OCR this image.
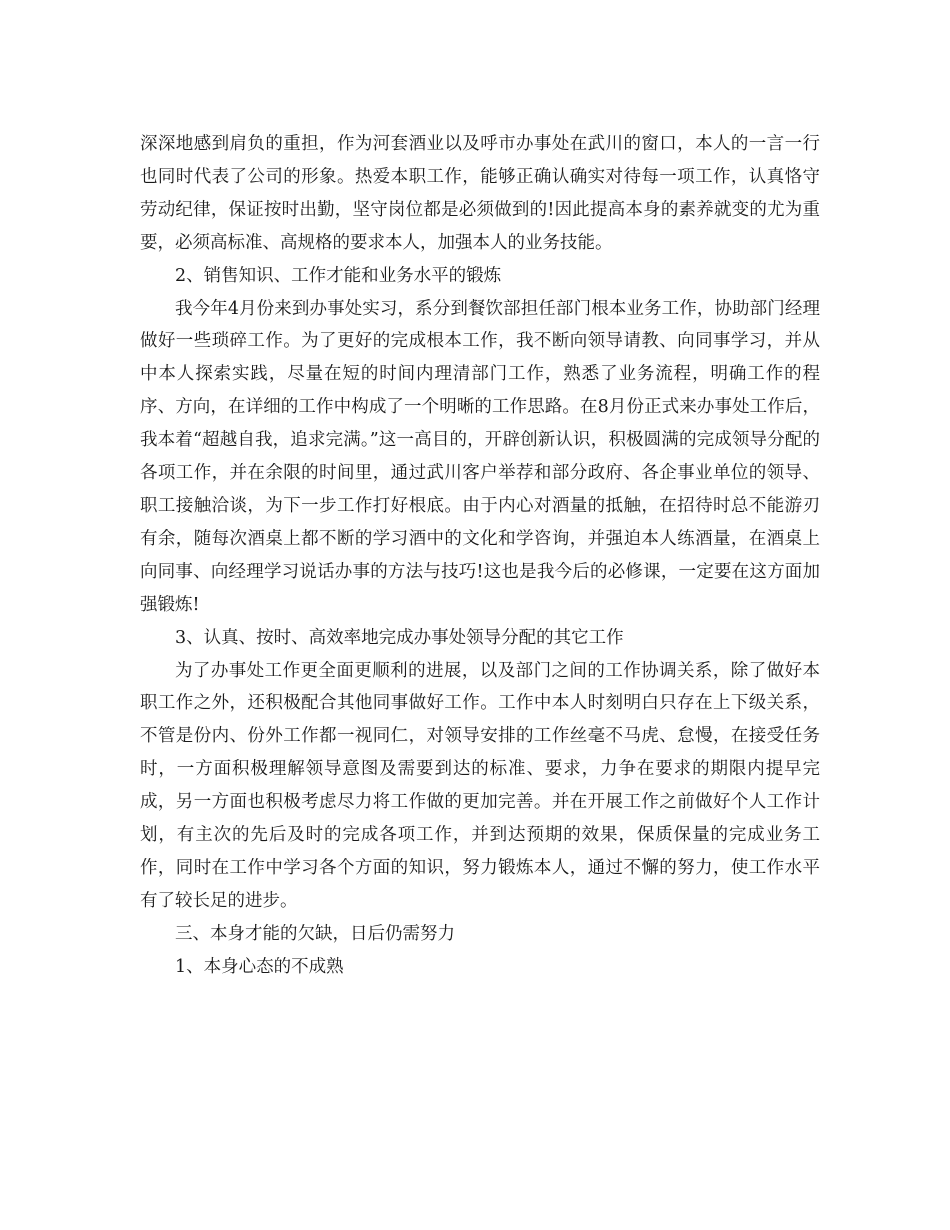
深深地感到肩负的重担，作为河套酒业以及呼市办事处在武川的窗口，本人的一言一行也同时代表了公司的形象。热爱本职工作，能够正确认确实对待每一项工作，认真恪守劳动纪律，保证按时出勤，坚守岗位都是必须做到的!因此提高本身的素养就变的尤为重要，必须高标准、高规格的要求本人，加强本人的业务技能。

2、销售知识、工作才能和业务水平的锻炼

我今年4月份来到办事处实习，系分到餐饮部担任部门根本业务工作，协助部门经理做好一些琐碎工作。为了更好的完成根本工作，我不断向领导请教、向同事学习，并从中本人探索实践，尽量在短的时间内理清部门工作，熟悉了业务流程，明确工作的程序、方向，在详细的工作中构成了一个明晰的工作思路。在8月份正式来办事处工作后，我本着“超越自我，追求完满。”这一高目的，开辟创新认识，积极圆满的完成领导分配的各项工作，并在余限的时间里，通过武川客户举荐和部分政府、各企事业单位的领导、职工接触洽谈，为下一步工作打好根底。由于内心对酒量的抵触，在招待时总不能游刃有余，随每次酒桌上都不断的学习酒中的文化和学咨询，并强迫本人练酒量，在酒桌上向同事、向经理学习说话办事的方法与技巧!这也是我今后的必修课，一定要在这方面加强锻炼!

3、认真、按时、高效率地完成办事处领导分配的其它工作

为了办事处工作更全面更顺利的进展，以及部门之间的工作协调关系，除了做好本职工作之外，还积极配合其他同事做好工作。工作中本人时刻明白只存在上下级关系，不管是份内、份外工作都一视同仁，对领导安排的工作丝毫不马虎、怠慢，在接受任务时，一方面积极理解领导意图及需要到达的标准、要求，力争在要求的期限内提早完成，另一方面也积极考虑尽力将工作做的更加完善。并在开展工作之前做好个人工作计划，有主次的先后及时的完成各项工作，并到达预期的效果，保质保量的完成业务工作，同时在工作中学习各个方面的知识，努力锻炼本人，通过不懈的努力，使工作水平有了较长足的进步。

三、本身才能的欠缺，日后仍需努力

1、本身心态的不成熟
